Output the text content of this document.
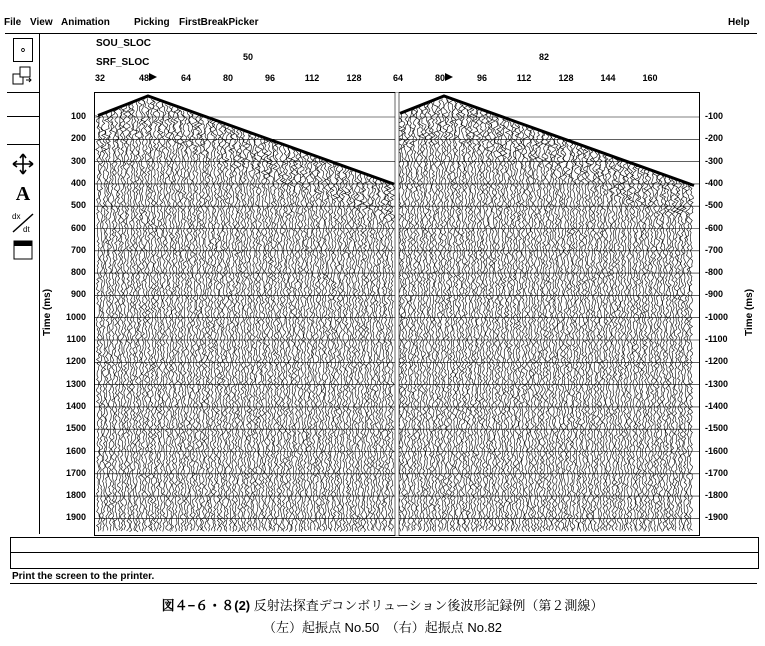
File View Animation Picking FirstBreakPicker	Help
⚬
A
dx
dt
SOU_SLOC
SRF_SLOC	50	82
32	48	64	80	96	112	128	64	80	96	112	128	144	160
100
200
300
400
500
600
700
800
900
1000
1100
1200
1300
1400
1500
1600
1700
1800
1900
-100
-200
-300
-400
-500
-600
-700
-800
-900
-1000
-1100
-1200
-1300
-1400
-1500
-1600
-1700
-1800
-1900
Time (ms)	Time (ms)
Print the screen to the printer.
図４−６・８(2) 反射法探査デコンボリューション後波形記録例（第２測線）
（左）起振点 No.50　（右）起振点 No.82
